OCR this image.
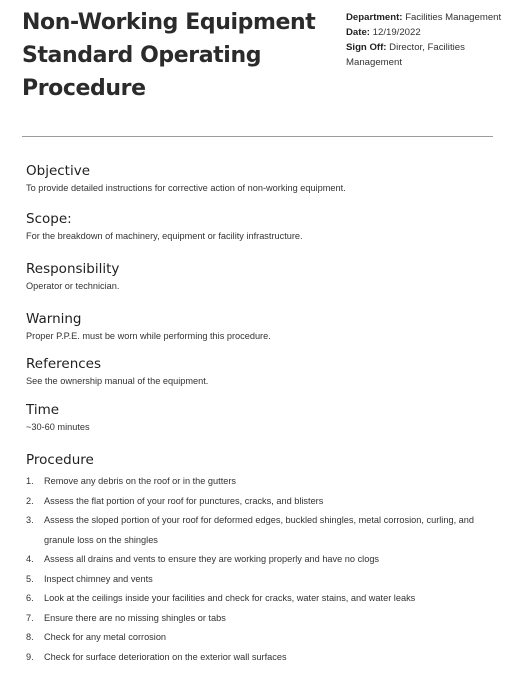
Non-Working Equipment Standard Operating Procedure
Department: Facilities Management
Date: 12/19/2022
Sign Off: Director, Facilities Management
Objective

To provide detailed instructions for corrective action of non-working equipment.

Scope:

For the breakdown of machinery, equipment or facility infrastructure.

Responsibility

Operator or technician.

Warning

Proper P.P.E. must be worn while performing this procedure.

References

See the ownership manual of the equipment.

Time

~30-60 minutes

Procedure
1. Remove any debris on the roof or in the gutters
2. Assess the flat portion of your roof for punctures, cracks, and blisters
3. Assess the sloped portion of your roof for deformed edges, buckled shingles, metal corrosion, curling, and granule loss on the shingles
4. Assess all drains and vents to ensure they are working properly and have no clogs
5. Inspect chimney and vents
6. Look at the ceilings inside your facilities and check for cracks, water stains, and water leaks
7. Ensure there are no missing shingles or tabs
8. Check for any metal corrosion
9. Check for surface deterioration on the exterior wall surfaces
